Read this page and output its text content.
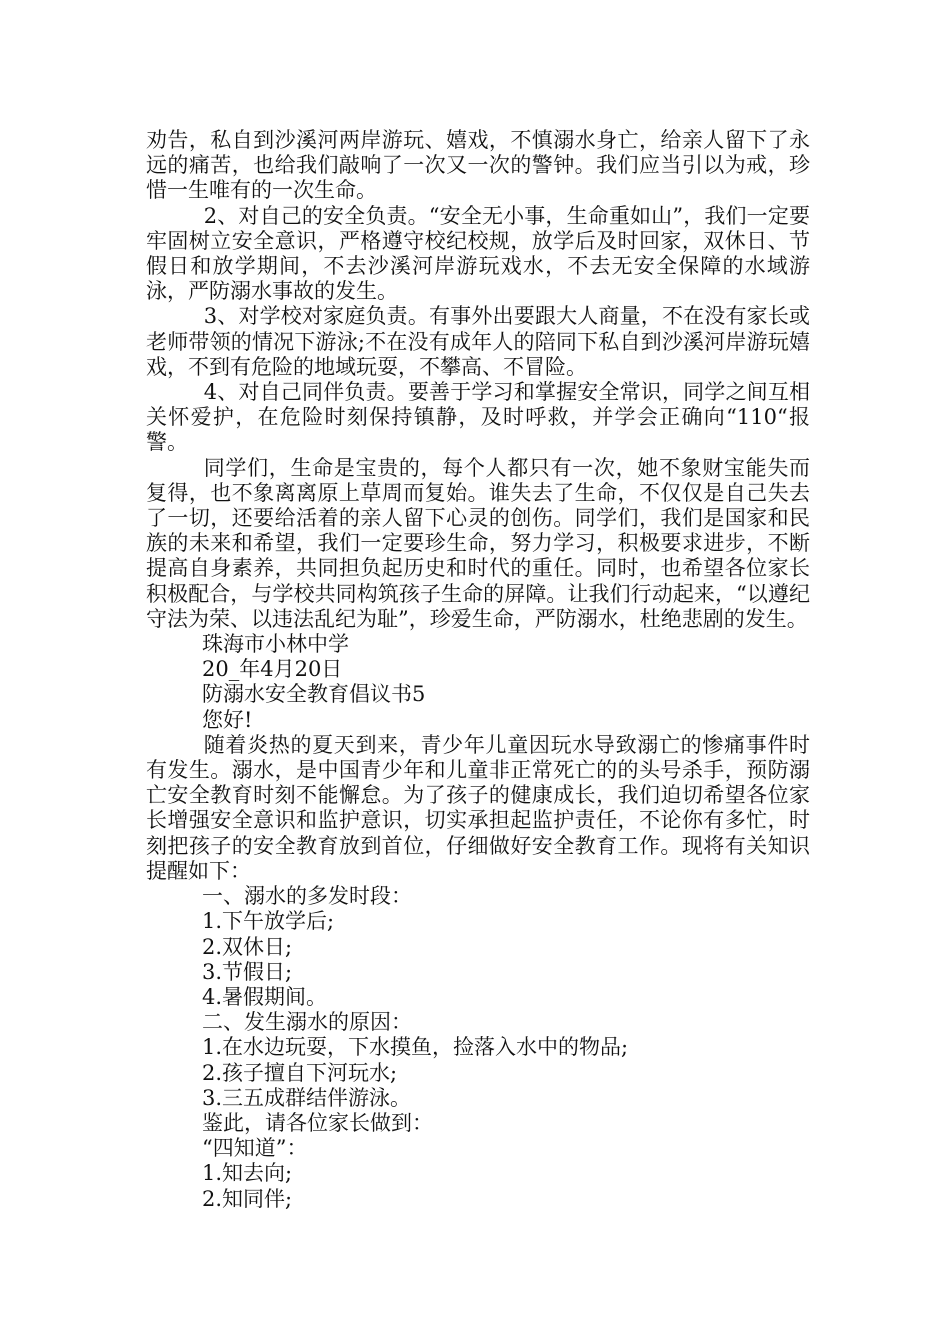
劝告，私自到沙溪河两岸游玩、嬉戏，不慎溺水身亡，给亲人留下了永远的痛苦，也给我们敲响了一次又一次的警钟。我们应当引以为戒，珍惜一生唯有的一次生命。

2、对自己的安全负责。“安全无小事，生命重如山”，我们一定要牢固树立安全意识，严格遵守校纪校规，放学后及时回家，双休日、节假日和放学期间，不去沙溪河岸游玩戏水，不去无安全保障的水域游泳，严防溺水事故的发生。

3、对学校对家庭负责。有事外出要跟大人商量，不在没有家长或老师带领的情况下游泳;不在没有成年人的陪同下私自到沙溪河岸游玩嬉戏，不到有危险的地域玩耍，不攀高、不冒险。

4、对自己同伴负责。要善于学习和掌握安全常识，同学之间互相关怀爱护，在危险时刻保持镇静，及时呼救，并学会正确向“110“报警。

同学们，生命是宝贵的，每个人都只有一次，她不象财宝能失而复得，也不象离离原上草周而复始。谁失去了生命，不仅仅是自己失去了一切，还要给活着的亲人留下心灵的创伤。同学们，我们是国家和民族的未来和希望，我们一定要珍生命，努力学习，积极要求进步，不断提高自身素养，共同担负起历史和时代的重任。同时，也希望各位家长积极配合，与学校共同构筑孩子生命的屏障。让我们行动起来，“以遵纪守法为荣、以违法乱纪为耻”，珍爱生命，严防溺水，杜绝悲剧的发生。

珠海市小林中学

20_年4月20日

防溺水安全教育倡议书5

您好!

随着炎热的夏天到来，青少年儿童因玩水导致溺亡的惨痛事件时有发生。溺水，是中国青少年和儿童非正常死亡的的头号杀手，预防溺亡安全教育时刻不能懈怠。为了孩子的健康成长，我们迫切希望各位家长增强安全意识和监护意识，切实承担起监护责任，不论你有多忙，时刻把孩子的安全教育放到首位，仔细做好安全教育工作。现将有关知识提醒如下：

一、溺水的多发时段：

1.下午放学后;

2.双休日;

3.节假日;

4.暑假期间。

二、发生溺水的原因：

1.在水边玩耍，下水摸鱼，捡落入水中的物品;

2.孩子擅自下河玩水;

3.三五成群结伴游泳。

鉴此，请各位家长做到：

“四知道”：

1.知去向;

2.知同伴;
